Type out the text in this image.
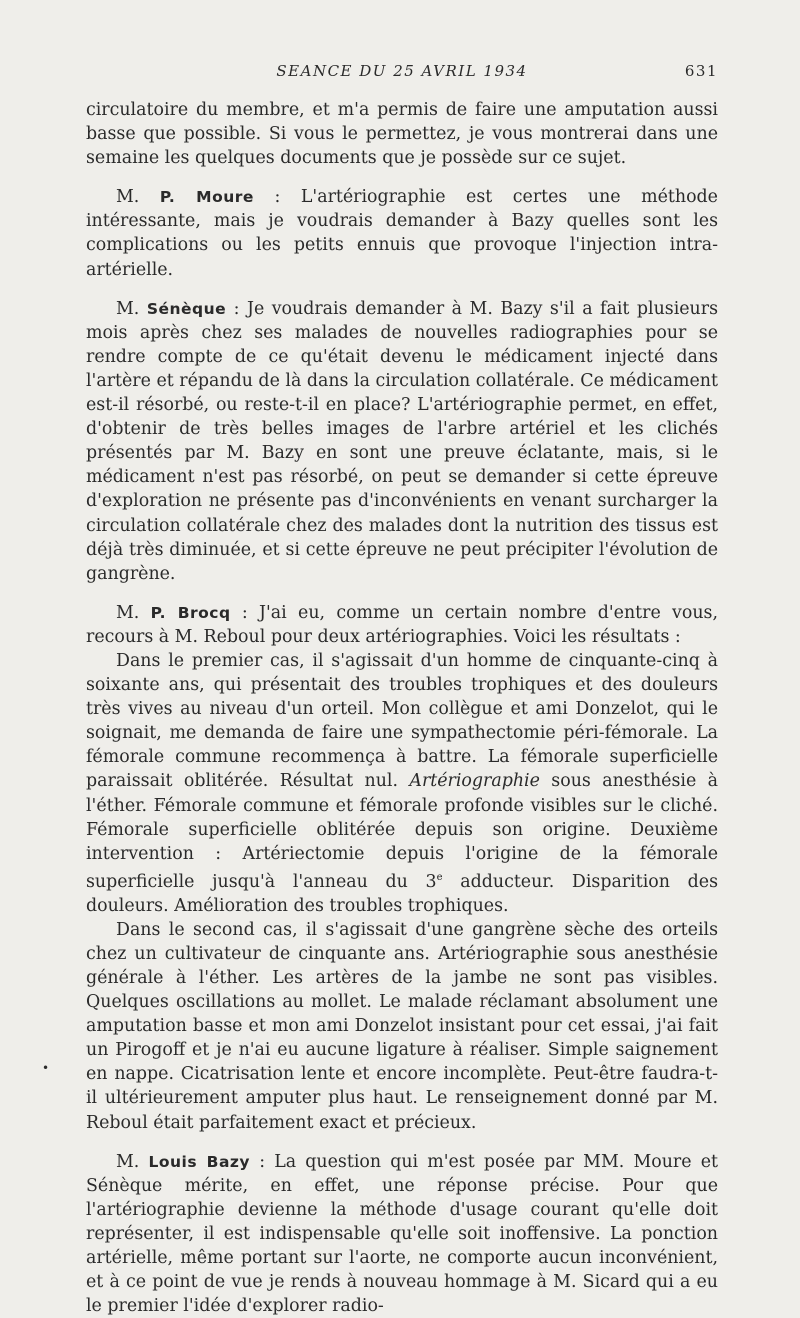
SEANCE DU 25 AVRIL 1934	631

circulatoire du membre, et m'a permis de faire une amputation aussi basse que possible. Si vous le permettez, je vous montrerai dans une semaine les quelques documents que je possède sur ce sujet.

M. P. Moure : L'artériographie est certes une méthode intéressante, mais je voudrais demander à Bazy quelles sont les complications ou les petits ennuis que provoque l'injection intra-artérielle.

M. Sénèque : Je voudrais demander à M. Bazy s'il a fait plusieurs mois après chez ses malades de nouvelles radiographies pour se rendre compte de ce qu'était devenu le médicament injecté dans l'artère et répandu de là dans la circulation collatérale. Ce médicament est-il résorbé, ou reste-t-il en place? L'artériographie permet, en effet, d'obtenir de très belles images de l'arbre artériel et les clichés présentés par M. Bazy en sont une preuve éclatante, mais, si le médicament n'est pas résorbé, on peut se demander si cette épreuve d'exploration ne présente pas d'inconvénients en venant surcharger la circulation collatérale chez des malades dont la nutrition des tissus est déjà très diminuée, et si cette épreuve ne peut précipiter l'évolution de gangrène.

M. P. Brocq : J'ai eu, comme un certain nombre d'entre vous, recours à M. Reboul pour deux artériographies. Voici les résultats :

Dans le premier cas, il s'agissait d'un homme de cinquante-cinq à soixante ans, qui présentait des troubles trophiques et des douleurs très vives au niveau d'un orteil. Mon collègue et ami Donzelot, qui le soignait, me demanda de faire une sympathectomie péri-fémorale. La fémorale commune recommença à battre. La fémorale superficielle paraissait oblitérée. Résultat nul. Artériographie sous anesthésie à l'éther. Fémorale commune et fémorale profonde visibles sur le cliché. Fémorale superficielle oblitérée depuis son origine. Deuxième intervention : Artériectomie depuis l'origine de la fémorale superficielle jusqu'à l'anneau du 3e adducteur. Disparition des douleurs. Amélioration des troubles trophiques.

Dans le second cas, il s'agissait d'une gangrène sèche des orteils chez un cultivateur de cinquante ans. Artériographie sous anesthésie générale à l'éther. Les artères de la jambe ne sont pas visibles. Quelques oscillations au mollet. Le malade réclamant absolument une amputation basse et mon ami Donzelot insistant pour cet essai, j'ai fait un Pirogoff et je n'ai eu aucune ligature à réaliser. Simple saignement en nappe. Cicatrisation lente et encore incomplète. Peut-être faudra-t-il ultérieurement amputer plus haut. Le renseignement donné par M. Reboul était parfaitement exact et précieux.

M. Louis Bazy : La question qui m'est posée par MM. Moure et Sénèque mérite, en effet, une réponse précise. Pour que l'artériographie devienne la méthode d'usage courant qu'elle doit représenter, il est indispensable qu'elle soit inoffensive. La ponction artérielle, même portant sur l'aorte, ne comporte aucun inconvénient, et à ce point de vue je rends à nouveau hommage à M. Sicard qui a eu le premier l'idée d'explorer radio-

•
